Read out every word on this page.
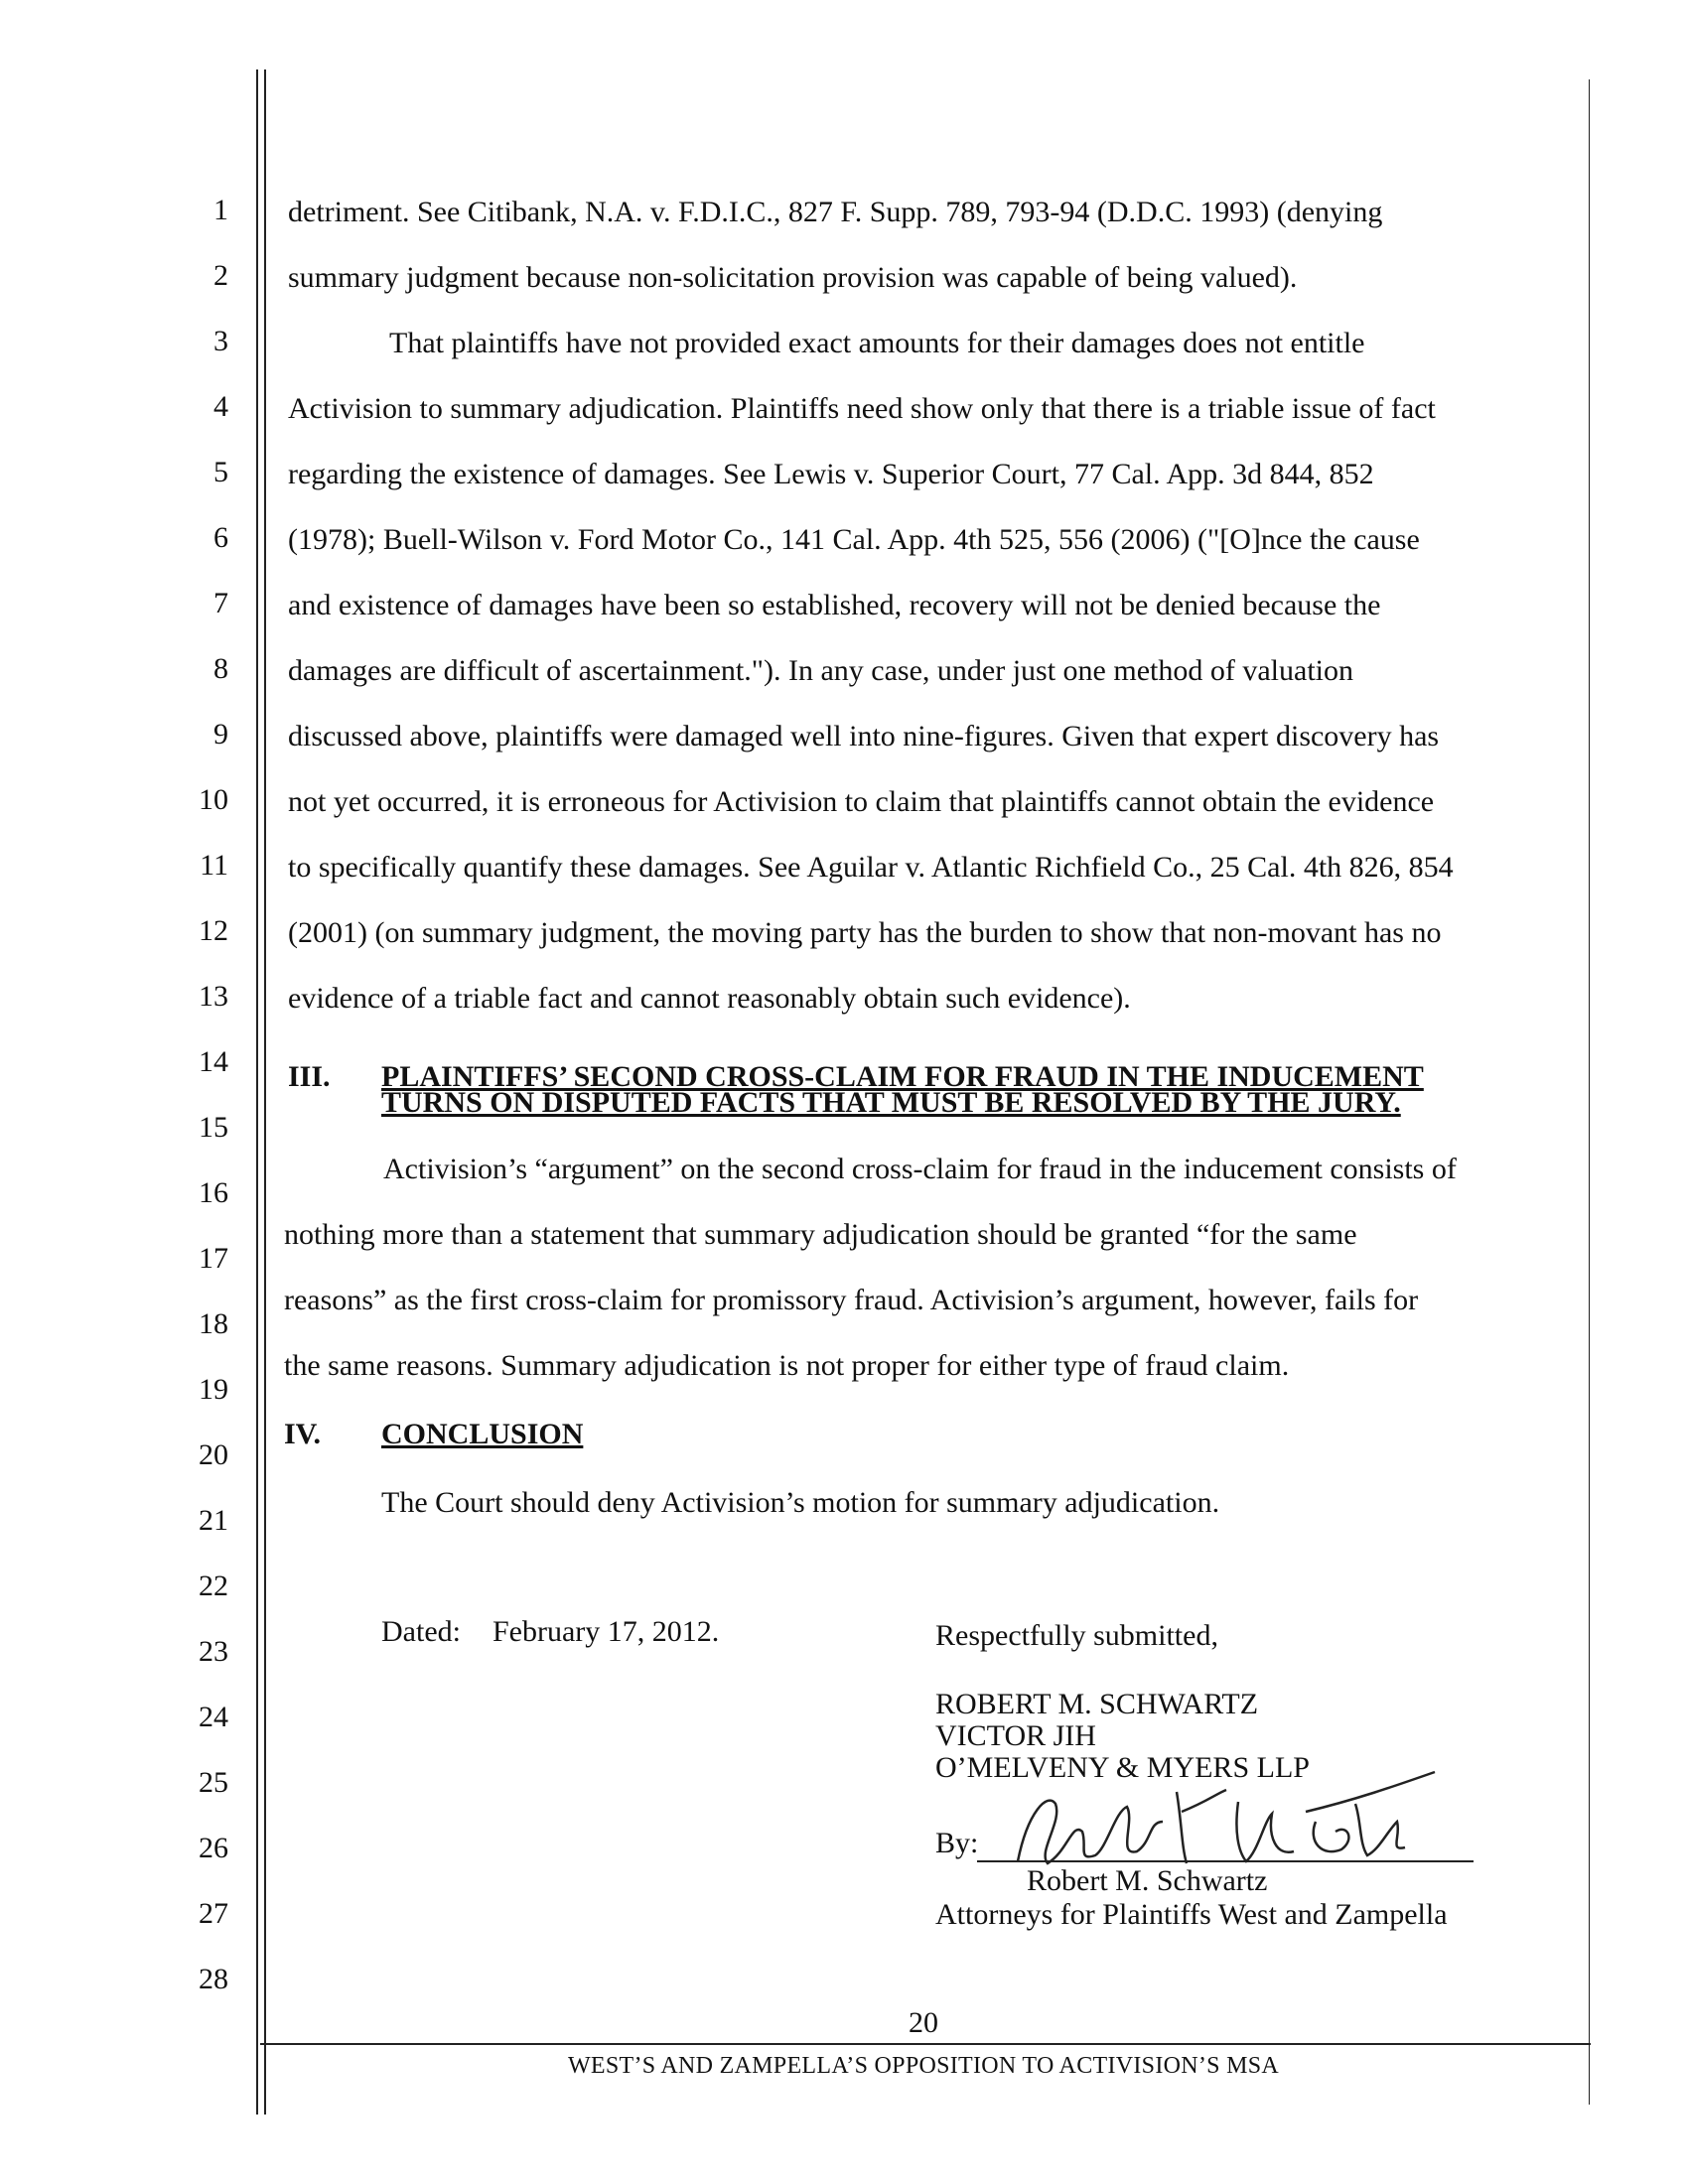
1
2
3
4
5
6
7
8
9
10
11
12
13
14
15
16
17
18
19
20
21
22
23
24
25
26
27
28
detriment. See Citibank, N.A. v. F.D.I.C., 827 F. Supp. 789, 793-94 (D.D.C. 1993) (denying
summary judgment because non-solicitation provision was capable of being valued).
That plaintiffs have not provided exact amounts for their damages does not entitle
Activision to summary adjudication. Plaintiffs need show only that there is a triable issue of fact
regarding the existence of damages. See Lewis v. Superior Court, 77 Cal. App. 3d 844, 852
(1978); Buell-Wilson v. Ford Motor Co., 141 Cal. App. 4th 525, 556 (2006) ("[O]nce the cause
and existence of damages have been so established, recovery will not be denied because the
damages are difficult of ascertainment."). In any case, under just one method of valuation
discussed above, plaintiffs were damaged well into nine-figures. Given that expert discovery has
not yet occurred, it is erroneous for Activision to claim that plaintiffs cannot obtain the evidence
to specifically quantify these damages. See Aguilar v. Atlantic Richfield Co., 25 Cal. 4th 826, 854
(2001) (on summary judgment, the moving party has the burden to show that non-movant has no
evidence of a triable fact and cannot reasonably obtain such evidence).
III. PLAINTIFFS’ SECOND CROSS-CLAIM FOR FRAUD IN THE INDUCEMENT
TURNS ON DISPUTED FACTS THAT MUST BE RESOLVED BY THE JURY.
Activision’s “argument” on the second cross-claim for fraud in the inducement consists of
nothing more than a statement that summary adjudication should be granted “for the same
reasons” as the first cross-claim for promissory fraud. Activision’s argument, however, fails for
the same reasons. Summary adjudication is not proper for either type of fraud claim.
IV. CONCLUSION
The Court should deny Activision’s motion for summary adjudication.
Dated: February 17, 2012.	Respectfully submitted,
ROBERT M. SCHWARTZ
VICTOR JIH
O’MELVENY & MYERS LLP
By:
Robert M. Schwartz
Attorneys for Plaintiffs West and Zampella
20
WEST’S AND ZAMPELLA’S OPPOSITION TO ACTIVISION’S MSA
